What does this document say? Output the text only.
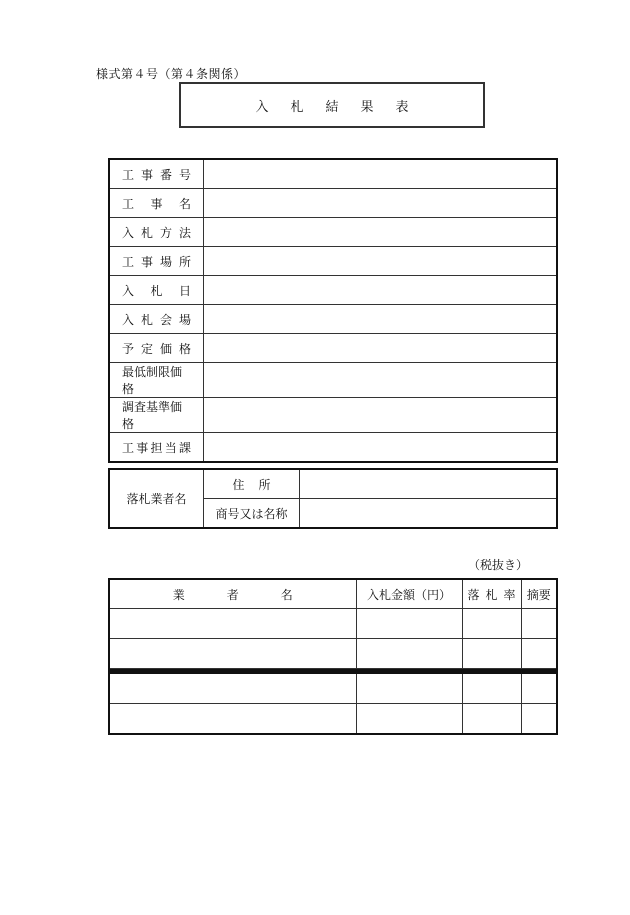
様式第４号（第４条関係）
入 札 結 果 表
工 事 番 号	

工 事 名	

入 札 方 法	

工 事 場 所	

入 札 日	

入 札 会 場	

予 定 価 格	

最低制限価格	

調査基準価格	

工 事 担 当 課	

落札業者名	住 所	

	商号又は名称	
（税抜き）
業 者 名	入札金額（円）	落 札 率	摘要
